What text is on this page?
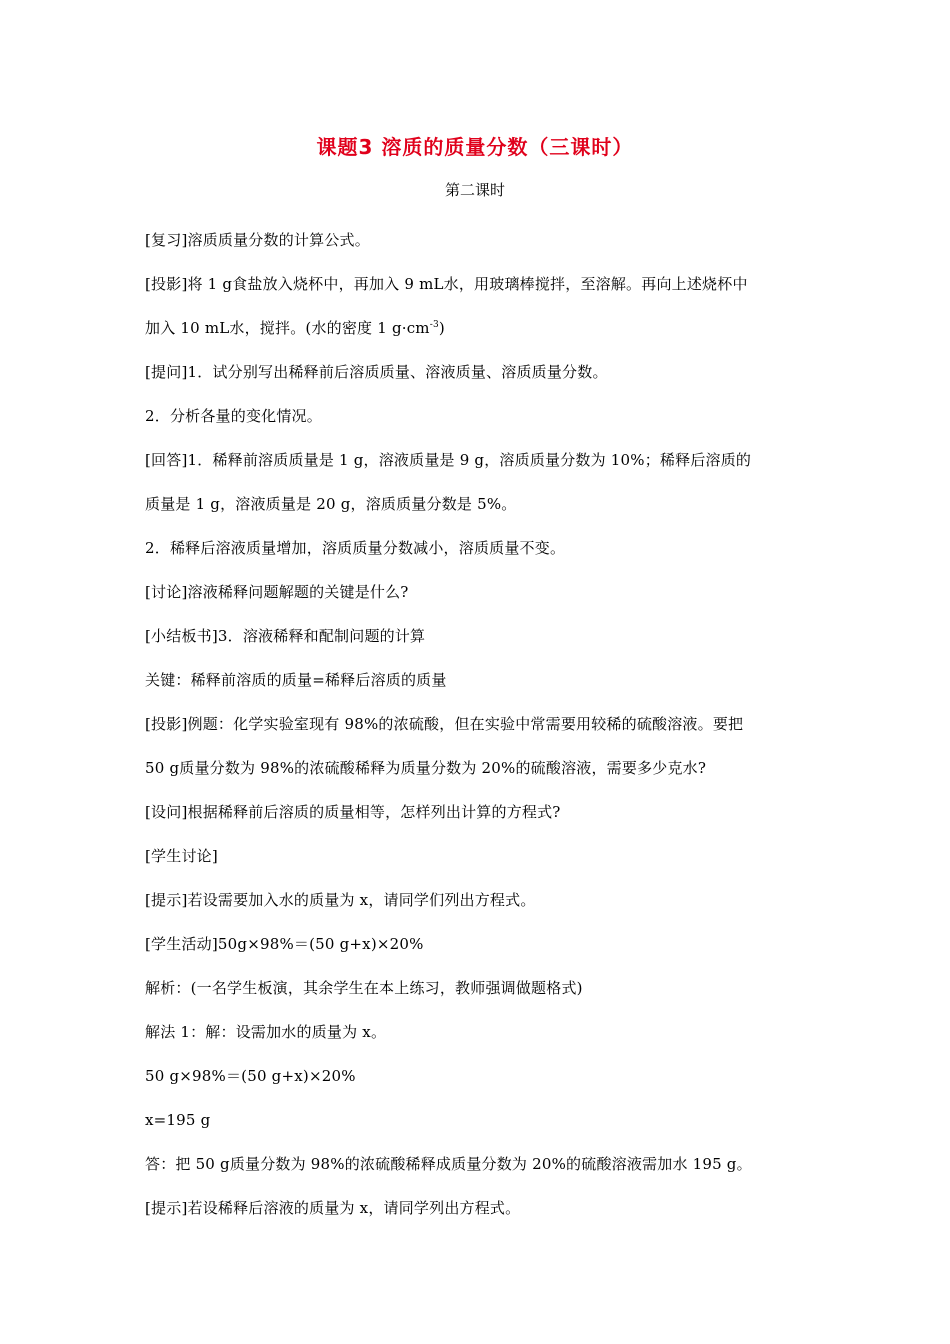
课题3 溶质的质量分数（三课时）
第二课时

[复习]溶质质量分数的计算公式。

[投影]将 1 g食盐放入烧杯中，再加入 9 mL水，用玻璃棒搅拌，至溶解。再向上述烧杯中

加入 10 mL水，搅拌。(水的密度 1 $g\cdot cm^{-3}$)

[提问]1．试分别写出稀释前后溶质质量、溶液质量、溶质质量分数。

2．分析各量的变化情况。

[回答]1．稀释前溶质质量是 1 g，溶液质量是 9 g，溶质质量分数为 10%；稀释后溶质的

质量是 1 g，溶液质量是 20 g，溶质质量分数是 5%。

2．稀释后溶液质量增加，溶质质量分数减小，溶质质量不变。

[讨论]溶液稀释问题解题的关键是什么?

[小结板书]3．溶液稀释和配制问题的计算

关键：稀释前溶质的质量=稀释后溶质的质量

[投影]例题：化学实验室现有 98%的浓硫酸，但在实验中常需要用较稀的硫酸溶液。要把

50 g质量分数为 98%的浓硫酸稀释为质量分数为 20%的硫酸溶液，需要多少克水?

[设问]根据稀释前后溶质的质量相等，怎样列出计算的方程式?

[学生讨论]

[提示]若设需要加入水的质量为 x，请同学们列出方程式。

[学生活动]50g×98%＝(50 g+x)×20%

解析：(一名学生板演，其余学生在本上练习，教师强调做题格式)

解法 1：解：设需加水的质量为 x。

50 g×98%＝(50 g+x)×20%

x=195 g

答：把 50 g质量分数为 98%的浓硫酸稀释成质量分数为 20%的硫酸溶液需加水 195 g。

[提示]若设稀释后溶液的质量为 x，请同学列出方程式。
